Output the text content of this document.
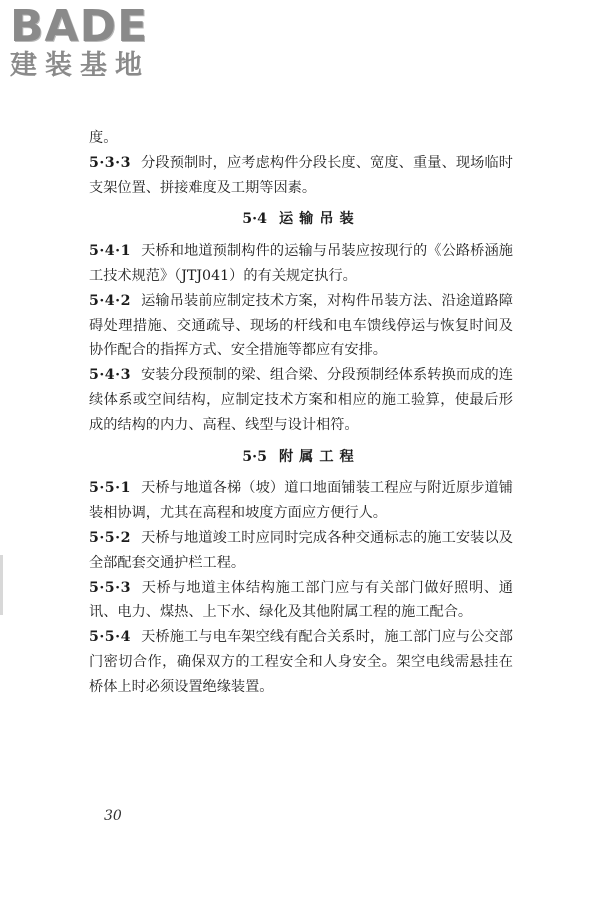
BADE
建装基地

度。

5·3·3 分段预制时，应考虑构件分段长度、宽度、重量、现场临时支架位置、拼接难度及工期等因素。

5·4 运输吊装

5·4·1 天桥和地道预制构件的运输与吊装应按现行的《公路桥涵施工技术规范》（JTJ041）的有关规定执行。

5·4·2 运输吊装前应制定技术方案，对构件吊装方法、沿途道路障碍处理措施、交通疏导、现场的杆线和电车馈线停运与恢复时间及协作配合的指挥方式、安全措施等都应有安排。

5·4·3 安装分段预制的梁、组合梁、分段预制经体系转换而成的连续体系或空间结构，应制定技术方案和相应的施工验算，使最后形成的结构的内力、高程、线型与设计相符。

5·5 附属工程

5·5·1 天桥与地道各梯（坡）道口地面铺装工程应与附近原步道铺装相协调，尤其在高程和坡度方面应方便行人。

5·5·2 天桥与地道竣工时应同时完成各种交通标志的施工安装以及全部配套交通护栏工程。

5·5·3 天桥与地道主体结构施工部门应与有关部门做好照明、通讯、电力、煤热、上下水、绿化及其他附属工程的施工配合。

5·5·4 天桥施工与电车架空线有配合关系时，施工部门应与公交部门密切合作，确保双方的工程安全和人身安全。架空电线需悬挂在桥体上时必须设置绝缘装置。

30
